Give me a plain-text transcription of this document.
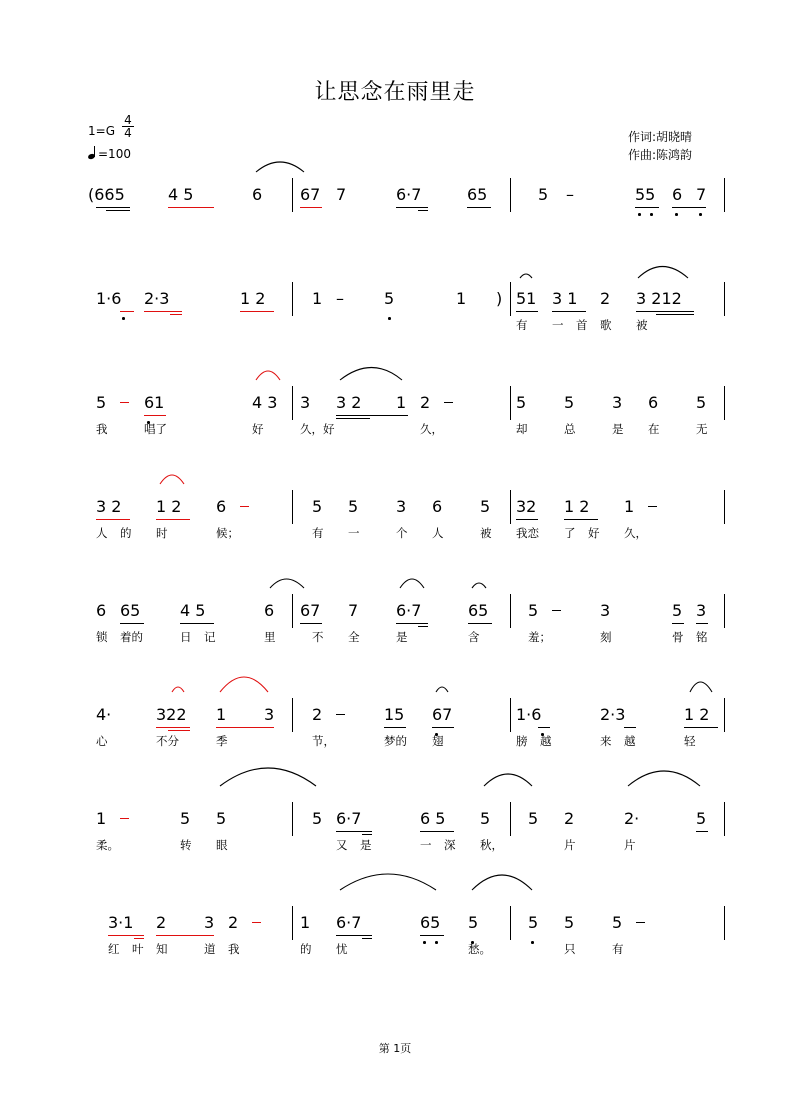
让思念在雨里走
1=G
4
4
=100
作词:胡晓晴
作曲:陈鸿韵
(665	4 5	6 67 7	6·7	65	5 –	55 6 7
1·6 2·3	1 2	1 –	5	1 ) 51 3 1 2 3 212
有 一 首 歌 被
5 61	4 3 3 3 2 1 2	5 5 3 6 5
我	唱了	好	久，好	久，	却	总	是 在	无
3 2 1 2 6	5 5 3 6 5 32 1 2 1
人 的 时	候；	有 一	个 人	被 我恋 了 好 久，
6 65 4 5	6 67 7 6·7	65 5	3	5 3
锁 着的	日 记	里	不 全	是	含	羞；	刻	骨 铭
4·	322 1 3 2	15 67	1·6	2·3	1 2
心	不分	季	节，	梦的 翅	膀 越	来 越	轻
1	5 5	5 6·7	6 5 5 5 2	2·	5
柔。	转 眼	又 是	一 深 秋，	片	片
3·1 2 3 2	1 6·7	65 5	5 5 5
红 叶 知	道 我	的 忧	愁。	只	有
第 1页
